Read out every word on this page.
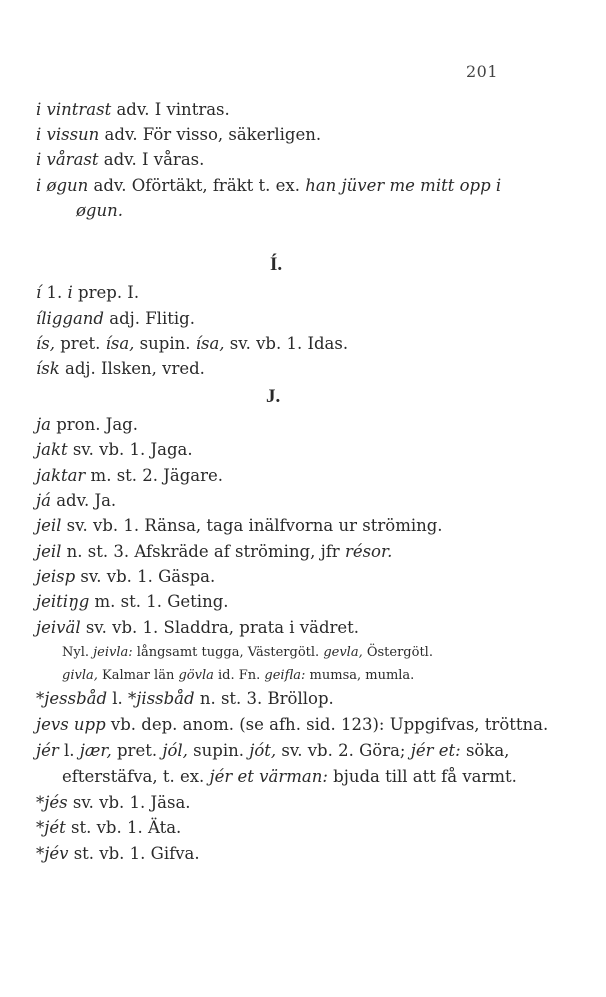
201
i vintrast adv. I vintras.
i vissun adv. För visso, säkerligen.
i vårast adv. I våras.
i øgun adv. Oförtäkt, fräkt t. ex. han jüver me mitt opp i
øgun.
Í.
í 1. i prep. I.
íliggand adj. Flitig.
ís, pret. ísa, supin. ísa, sv. vb. 1. Idas.
ísk adj. Ilsken, vred.
J.
ja pron. Jag.
jakt sv. vb. 1. Jaga.
jaktar m. st. 2. Jägare.
já adv. Ja.
jeil sv. vb. 1. Ränsa, taga inälfvorna ur ströming.
jeil n. st. 3. Afskräde af ströming, jfr résor.
jeisp sv. vb. 1. Gäspa.
jeitiŋg m. st. 1. Geting.
jeiväl sv. vb. 1. Sladdra, prata i vädret.
Nyl. jeivla: långsamt tugga, Västergötl. gevla, Östergötl.
givla, Kalmar län gövla id. Fn. geifla: mumsa, mumla.
*jessbåd l. *jissbåd n. st. 3. Bröllop.
jevs upp vb. dep. anom. (se afh. sid. 123): Uppgifvas, tröttna.
jér l. jær, pret. jól, supin. jót, sv. vb. 2. Göra; jér et: söka,
efterstäfva, t. ex. jér et värman: bjuda till att få varmt.
*jés sv. vb. 1. Jäsa.
*jét st. vb. 1. Äta.
*jév st. vb. 1. Gifva.
